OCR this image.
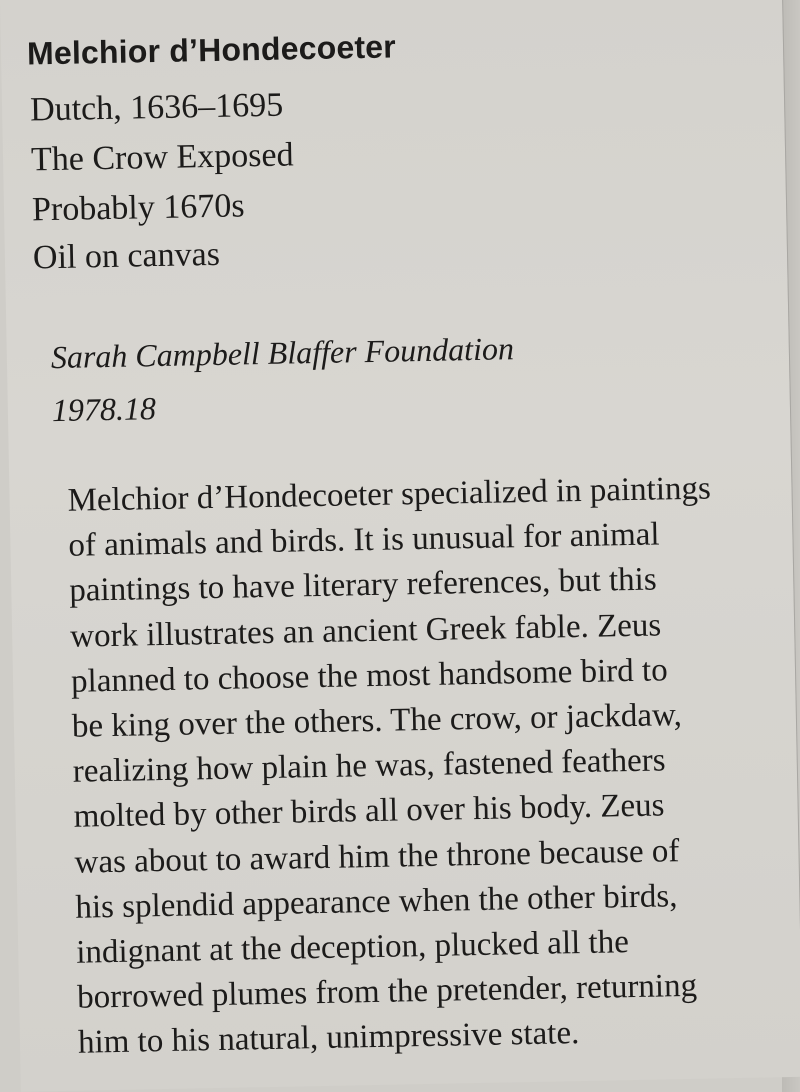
Melchior d’Hondecoeter
Dutch, 1636–1695
The Crow Exposed
Probably 1670s
Oil on canvas
Sarah Campbell Blaffer Foundation
1978.18
Melchior d’Hondecoeter specialized in paintings
of animals and birds. It is unusual for animal
paintings to have literary references, but this
work illustrates an ancient Greek fable. Zeus
planned to choose the most handsome bird to
be king over the others. The crow, or jackdaw,
realizing how plain he was, fastened feathers
molted by other birds all over his body. Zeus
was about to award him the throne because of
his splendid appearance when the other birds,
indignant at the deception, plucked all the
borrowed plumes from the pretender, returning
him to his natural, unimpressive state.
